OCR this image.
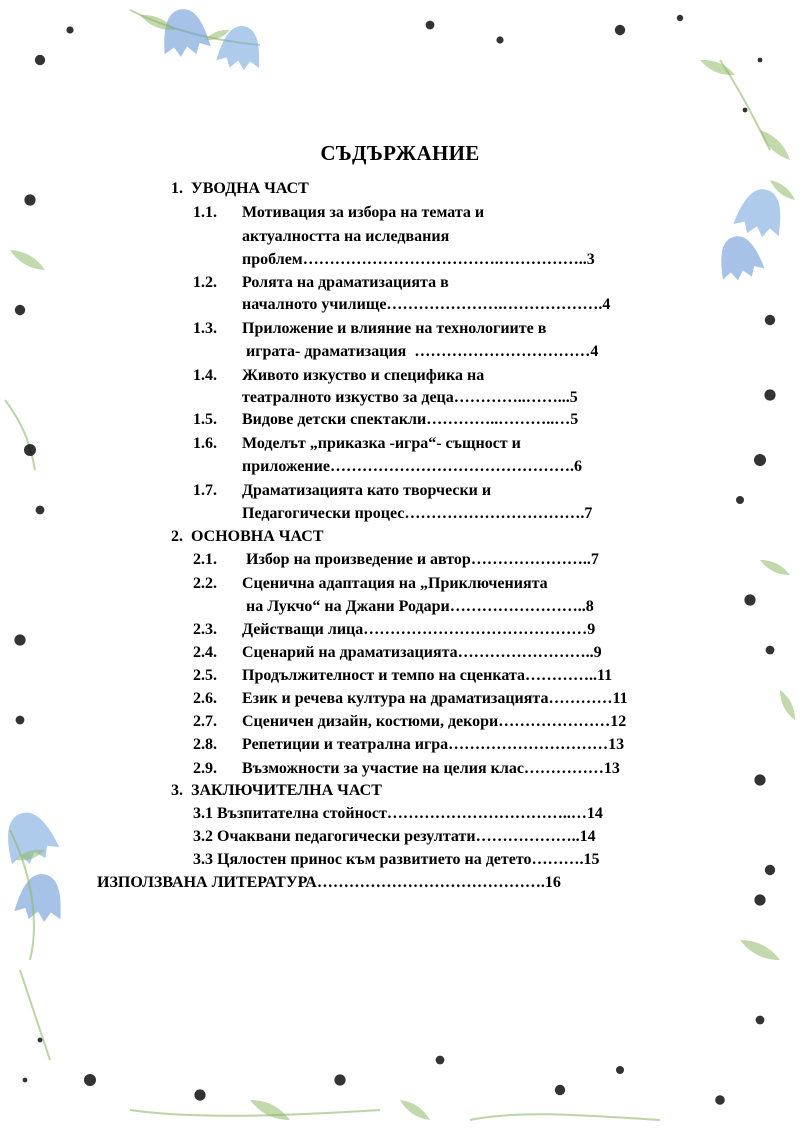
СЪДЪРЖАНИЕ
1.  УВОДНА ЧАСТ
1.1. Мотивация за избора на темата и
актуалността на иследвания
проблем……………………………….……………..3
1.2. Ролята на драматизацията в
началното училище………………….……………….4
1.3. Приложение и влияние на технологиите в
играта- драматизация  ……………………………4
1.4. Живото изкуство и специфика на
театралното изкуство за деца…………..……...5
1.5. Видове детски спектакли…………..………..…5
1.6. Моделът „приказка -игра“- същност и
приложение……………………………………….6
1.7. Драматизацията като творчески и
Педагогически процес…………………………….7
2.  ОСНОВНА ЧАСТ
2.1. Избор на произведение и автор…………………..7
2.2. Сценична адаптация на „Приключенията
на Лукчо“ на Джани Родари……………………..8
2.3. Действащи лица……………………………………9
2.4. Сценарий на драматизацията……………………..9
2.5. Продължителност и темпо на сценката…………..11
2.6. Език и речева култура на драматизацията…………11
2.7. Сценичен дизайн, костюми, декори…………………12
2.8. Репетиции и театрална игра…………………………13
2.9. Възможности за участие на целия клас……………13
3.  ЗАКЛЮЧИТЕЛНА ЧАСТ
3.1 Възпитателна стойност……………………………..…14
3.2 Очаквани педагогически резултати………………..14
3.3 Цялостен принос към развитието на детето……….15
ИЗПОЛЗВАНА ЛИТЕРАТУРА…………………………………….16
